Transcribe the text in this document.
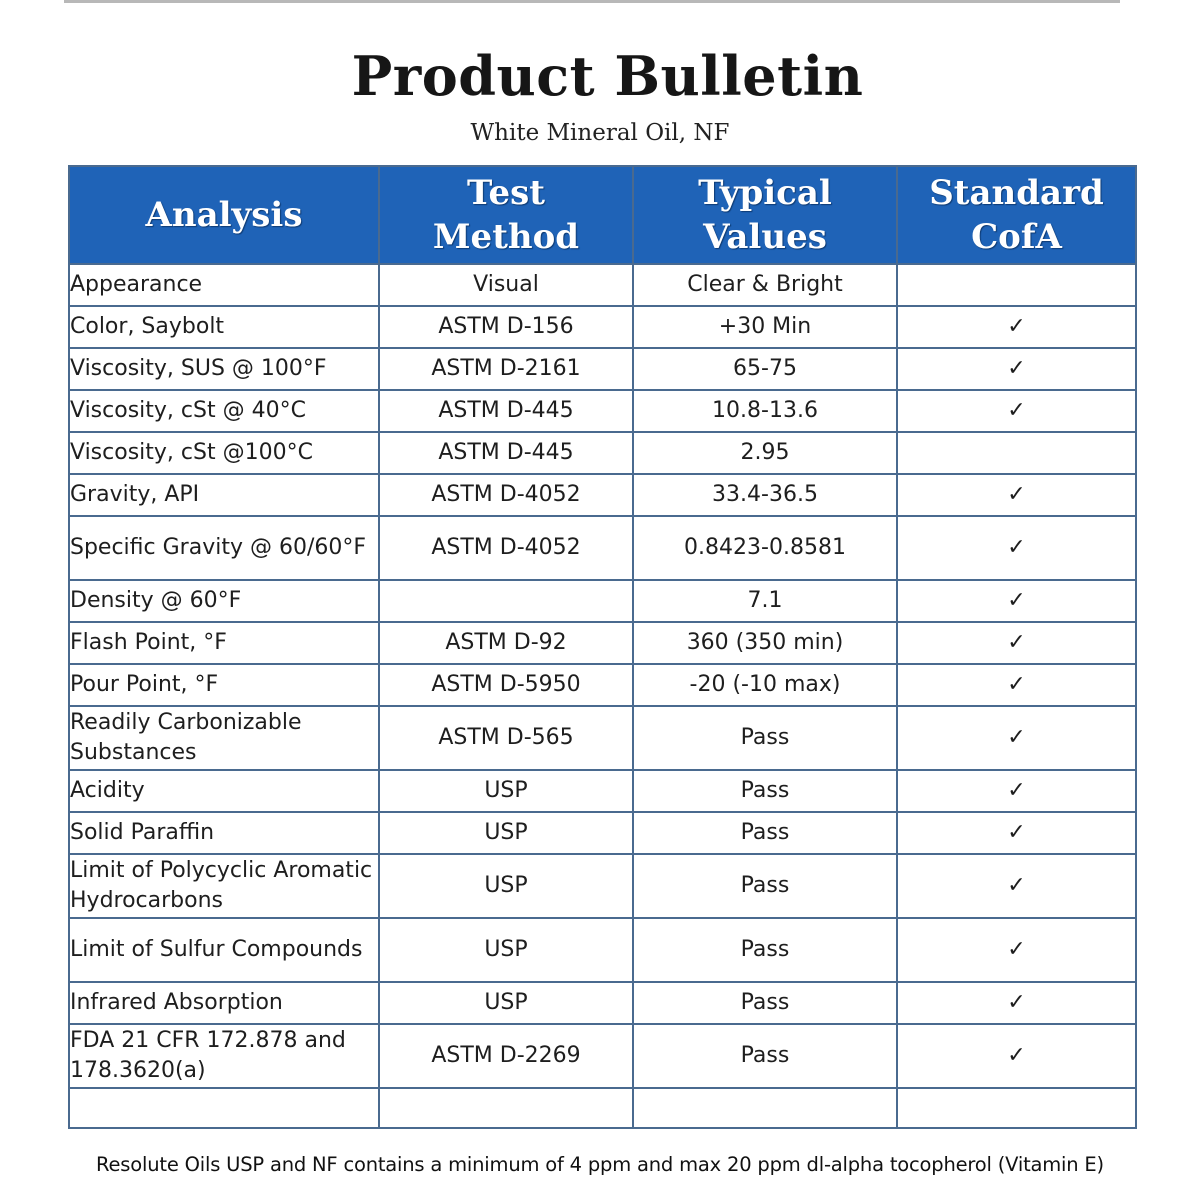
Product Bulletin
White Mineral Oil, NF
Analysis	Test Method	Typical Values	Standard CofA
Appearance	Visual	Clear & Bright	
Color, Saybolt	ASTM D-156	+30 Min	✓
Viscosity, SUS @ 100°F	ASTM D-2161	65-75	✓
Viscosity, cSt @ 40°C	ASTM D-445	10.8-13.6	✓
Viscosity, cSt @100°C	ASTM D-445	2.95	
Gravity, API	ASTM D-4052	33.4-36.5	✓
Specific Gravity @ 60/60°F	ASTM D-4052	0.8423-0.8581	✓
Density @ 60°F		7.1	✓
Flash Point, °F	ASTM D-92	360 (350 min)	✓
Pour Point, °F	ASTM D-5950	-20 (-10 max)	✓
Readily Carbonizable Substances	ASTM D-565	Pass	✓
Acidity	USP	Pass	✓
Solid Paraffin	USP	Pass	✓
Limit of Polycyclic Aromatic Hydrocarbons	USP	Pass	✓
Limit of Sulfur Compounds	USP	Pass	✓
Infrared Absorption	USP	Pass	✓
FDA 21 CFR 172.878 and 178.3620(a)	ASTM D-2269	Pass	✓

Resolute Oils USP and NF contains a minimum of 4 ppm and max 20 ppm dl-alpha tocopherol (Vitamin E)
